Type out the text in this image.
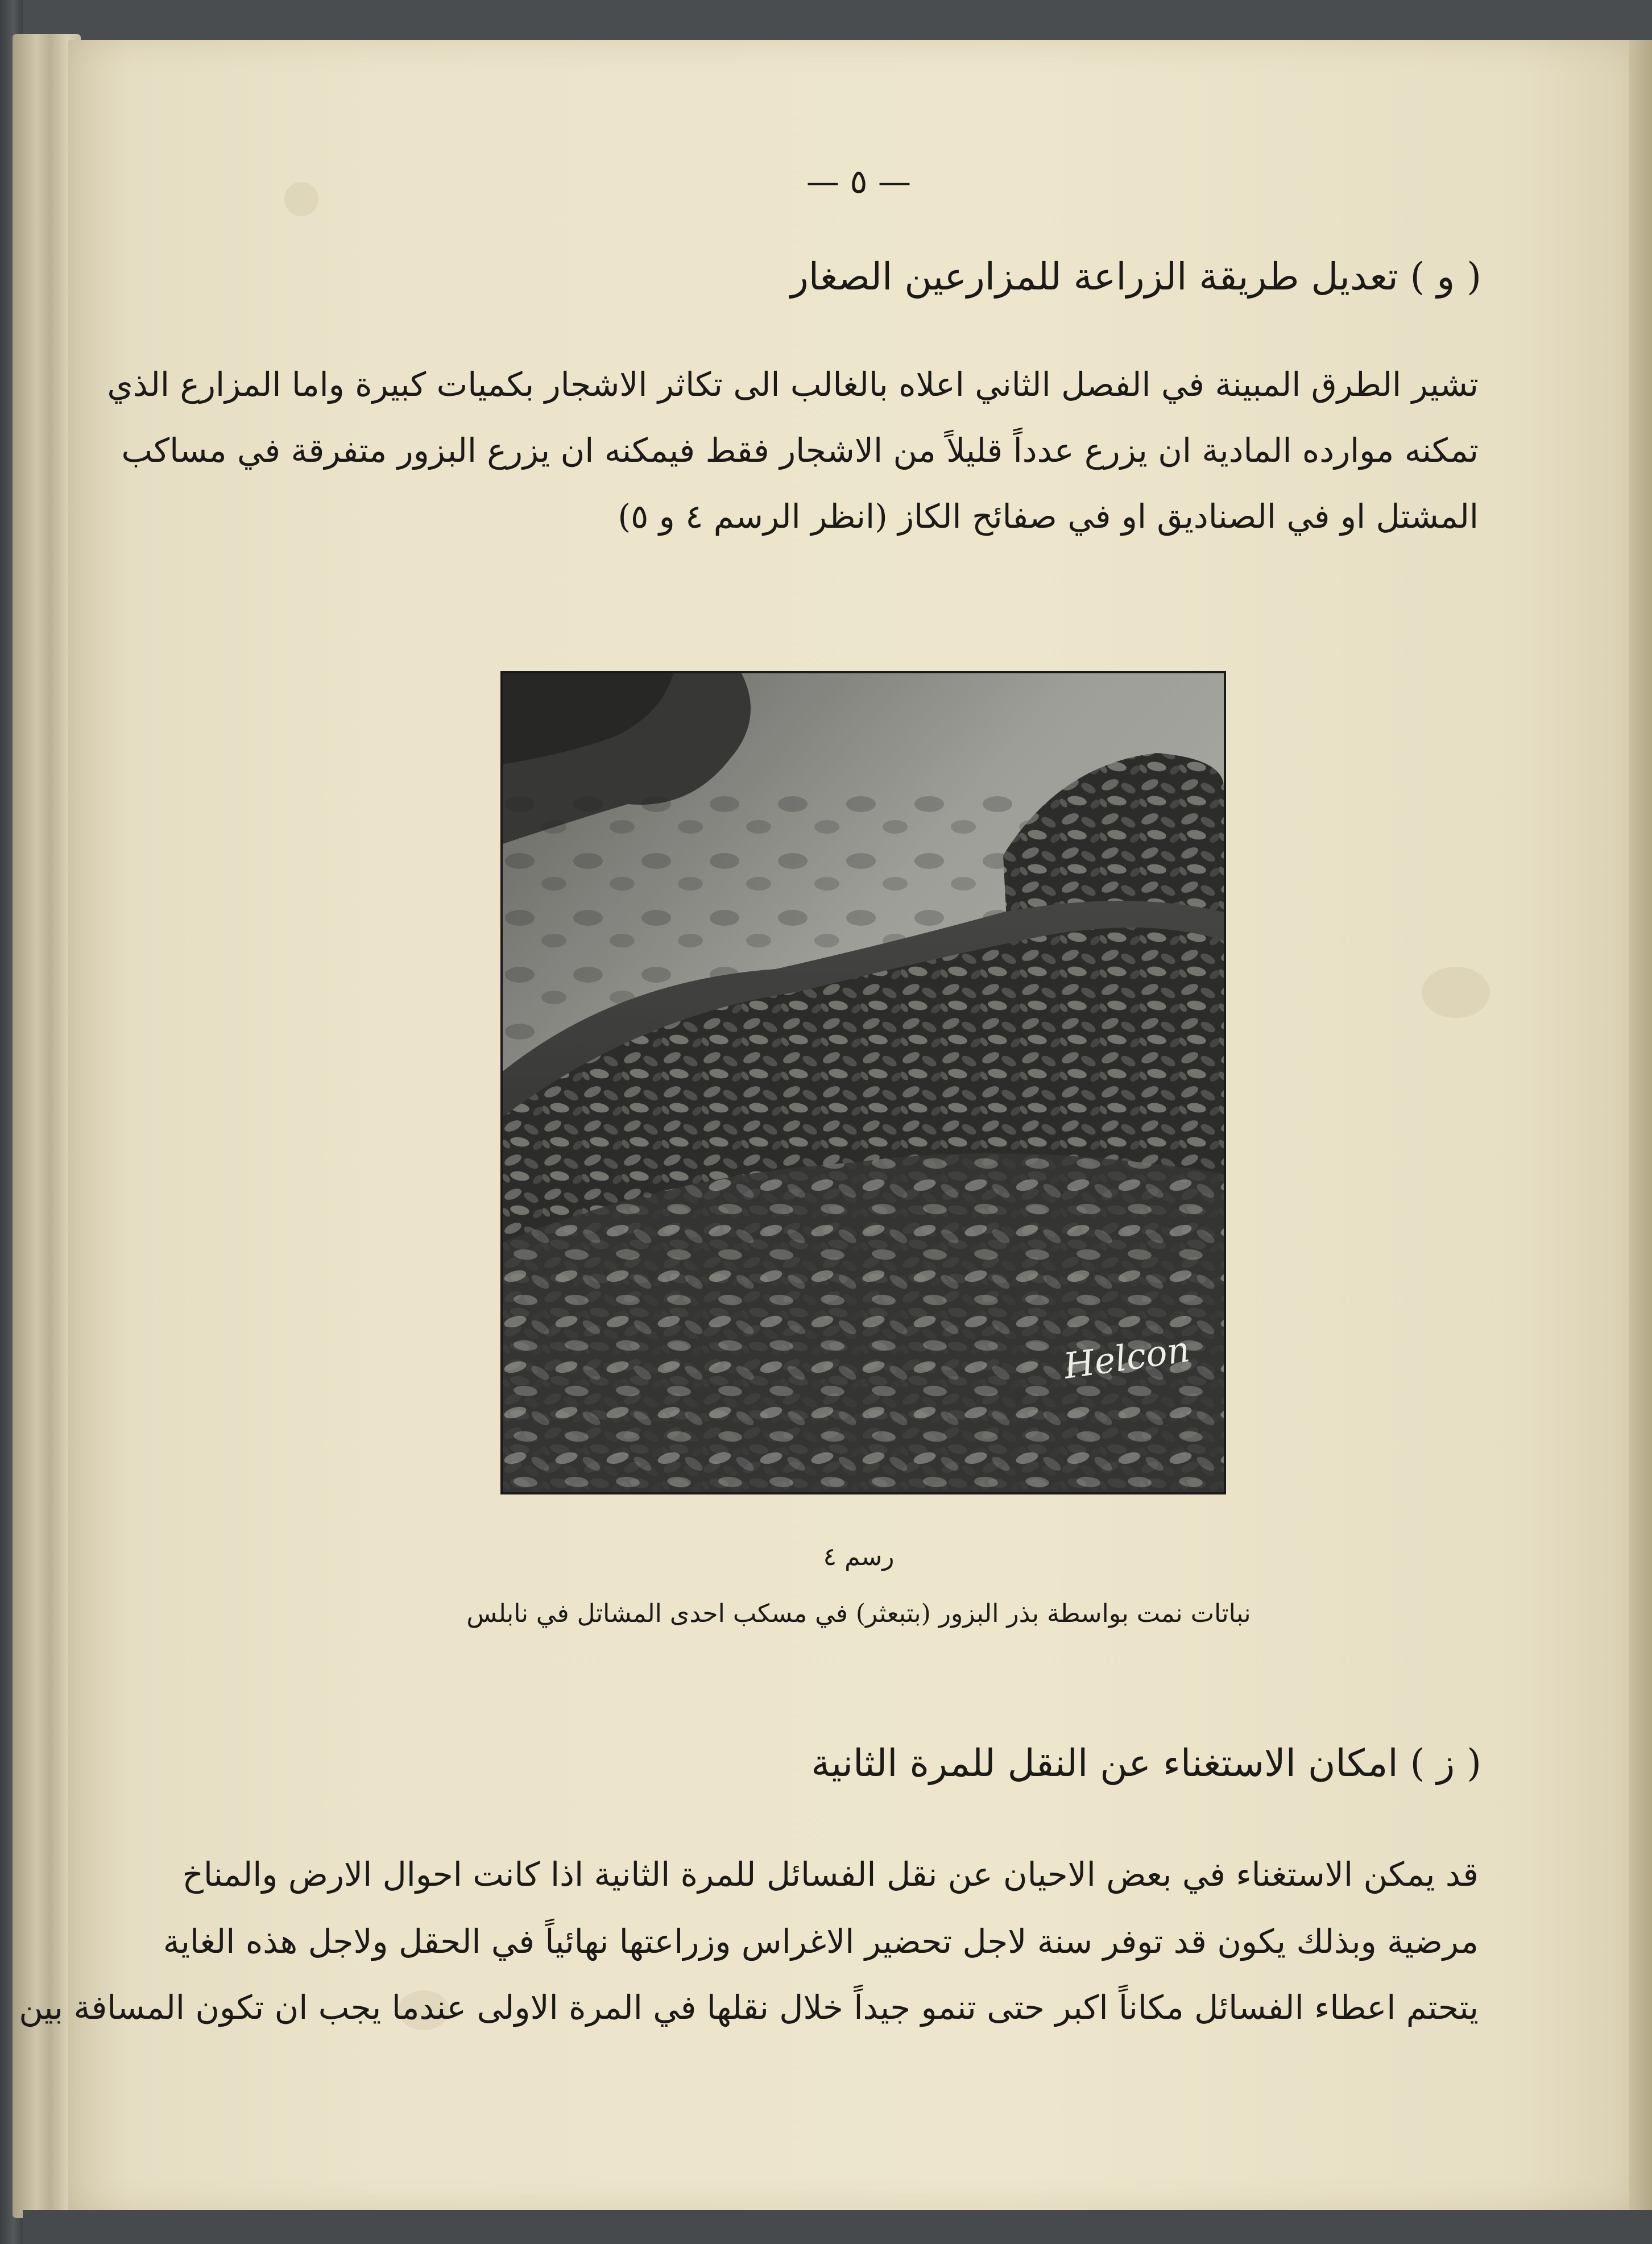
— ٥ —
( و ) تعديل طريقة الزراعة للمزارعين الصغار
تشير الطرق المبينة في الفصل الثاني اعلاه بالغالب الى تكاثر الاشجار بكميات كبيرة واما المزارع الذي
تمكنه موارده المادية ان يزرع عدداً قليلاً من الاشجار فقط فيمكنه ان يزرع البزور متفرقة في مساكب
المشتل او في الصناديق او في صفائح الكاز (انظر الرسم ٤ و ٥)
Helcon
رسم ٤
نباتات نمت بواسطة بذر البزور (بتبعثر) في مسكب احدى المشاتل في نابلس
( ز ) امكان الاستغناء عن النقل للمرة الثانية
قد يمكن الاستغناء في بعض الاحيان عن نقل الفسائل للمرة الثانية اذا كانت احوال الارض والمناخ
مرضية وبذلك يكون قد توفر سنة لاجل تحضير الاغراس وزراعتها نهائياً في الحقل ولاجل هذه الغاية
يتحتم اعطاء الفسائل مكاناً اكبر حتى تنمو جيداً خلال نقلها في المرة الاولى عندما يجب ان تكون المسافة بين
